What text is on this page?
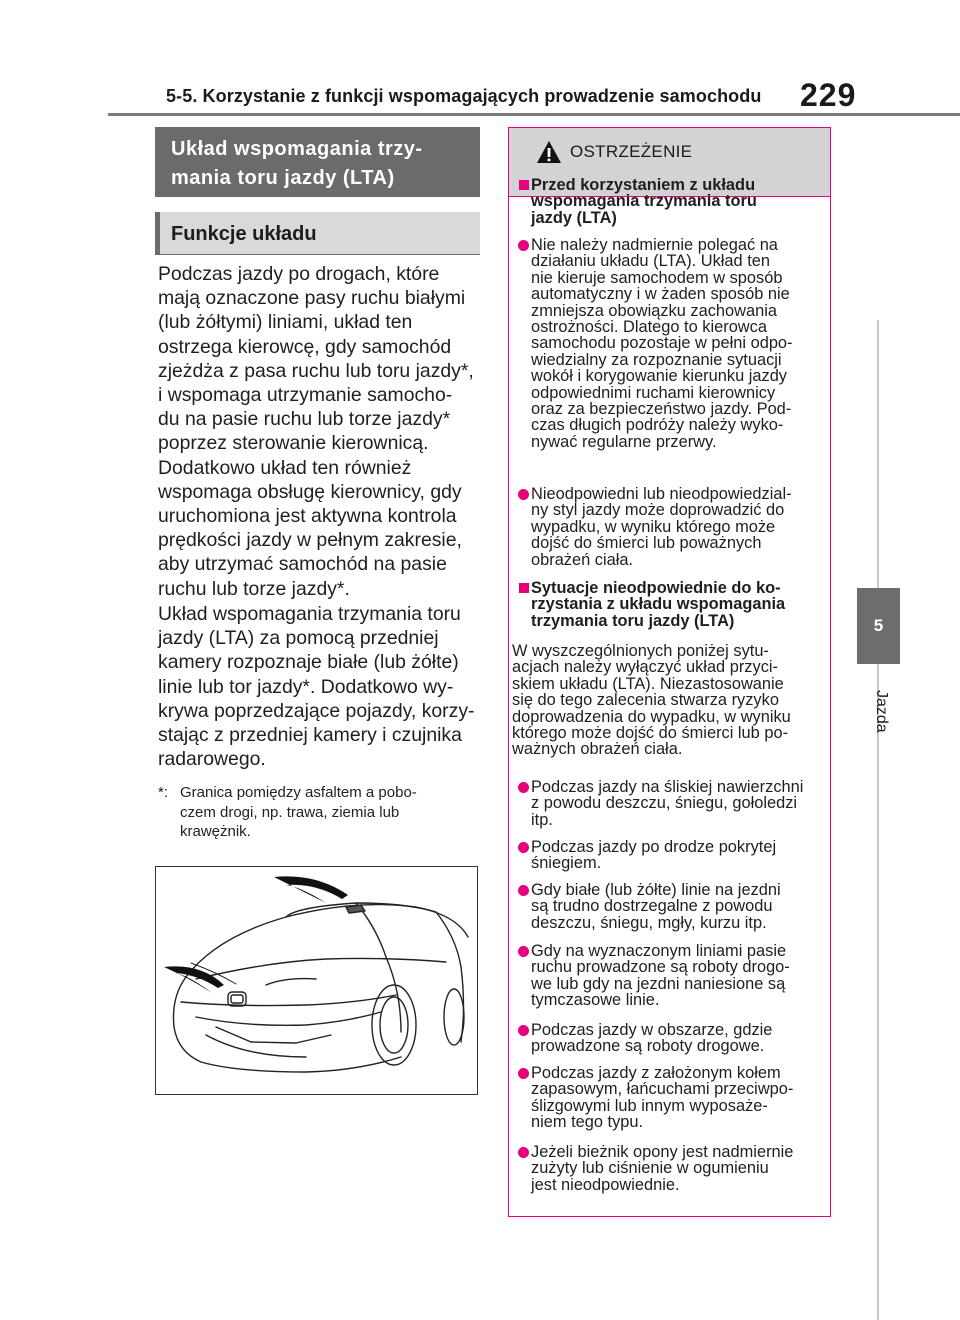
5-5. Korzystanie z funkcji wspomagających prowadzenie samochodu 229
5
Jazda
Układ wspomagania trzy-
mania toru jazdy (LTA)
Funkcje układu
Podczas jazdy po drogach, które
mają oznaczone pasy ruchu białymi
(lub żółtymi) liniami, układ ten
ostrzega kierowcę, gdy samochód
zjeżdża z pasa ruchu lub toru jazdy*,
i wspomaga utrzymanie samocho-
du na pasie ruchu lub torze jazdy*
poprzez sterowanie kierownicą.
Dodatkowo układ ten również
wspomaga obsługę kierownicy, gdy
uruchomiona jest aktywna kontrola
prędkości jazdy w pełnym zakresie,
aby utrzymać samochód na pasie
ruchu lub torze jazdy*.
Układ wspomagania trzymania toru
jazdy (LTA) za pomocą przedniej
kamery rozpoznaje białe (lub żółte)
linie lub tor jazdy*. Dodatkowo wy-
krywa poprzedzające pojazdy, korzy-
stając z przedniej kamery i czujnika
radarowego.
*: Granica pomiędzy asfaltem a pobo-
czem drogi, np. trawa, ziemia lub
krawężnik.
OSTRZEŻENIE
Przed korzystaniem z układu
wspomagania trzymania toru
jazdy (LTA)
Nie należy nadmiernie polegać na
działaniu układu (LTA). Układ ten
nie kieruje samochodem w sposób
automatyczny i w żaden sposób nie
zmniejsza obowiązku zachowania
ostrożności. Dlatego to kierowca
samochodu pozostaje w pełni odpo-
wiedzialny za rozpoznanie sytuacji
wokół i korygowanie kierunku jazdy
odpowiednimi ruchami kierownicy
oraz za bezpieczeństwo jazdy. Pod-
czas długich podróży należy wyko-
nywać regularne przerwy.
Nieodpowiedni lub nieodpowiedzial-
ny styl jazdy może doprowadzić do
wypadku, w wyniku którego może
dojść do śmierci lub poważnych
obrażeń ciała.
Sytuacje nieodpowiednie do ko-
rzystania z układu wspomagania
trzymania toru jazdy (LTA)
W wyszczególnionych poniżej sytu-
acjach należy wyłączyć układ przyci-
skiem układu (LTA). Niezastosowanie
się do tego zalecenia stwarza ryzyko
doprowadzenia do wypadku, w wyniku
którego może dojść do śmierci lub po-
ważnych obrażeń ciała.
Podczas jazdy na śliskiej nawierzchni
z powodu deszczu, śniegu, gołoledzi
itp.
Podczas jazdy po drodze pokrytej
śniegiem.
Gdy białe (lub żółte) linie na jezdni
są trudno dostrzegalne z powodu
deszczu, śniegu, mgły, kurzu itp.
Gdy na wyznaczonym liniami pasie
ruchu prowadzone są roboty drogo-
we lub gdy na jezdni naniesione są
tymczasowe linie.
Podczas jazdy w obszarze, gdzie
prowadzone są roboty drogowe.
Podczas jazdy z założonym kołem
zapasowym, łańcuchami przeciwpo-
ślizgowymi lub innym wyposaże-
niem tego typu.
Jeżeli bieżnik opony jest nadmiernie
zużyty lub ciśnienie w ogumieniu
jest nieodpowiednie.
